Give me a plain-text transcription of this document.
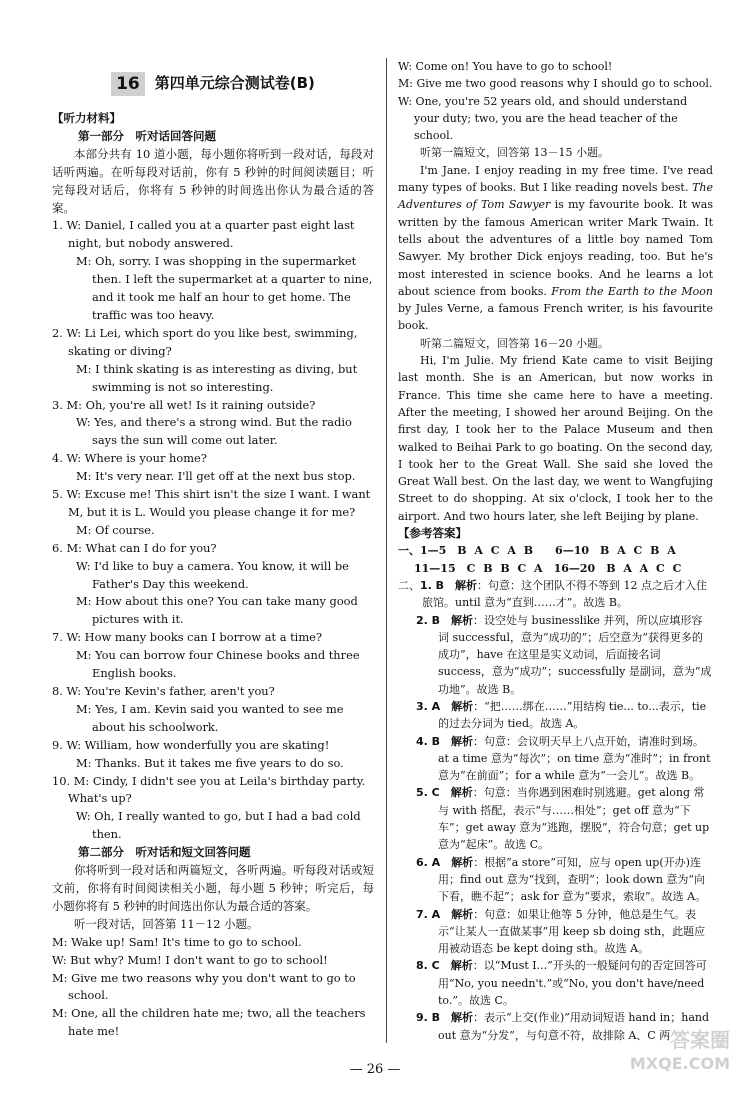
16	第四单元综合测试卷(B)
【听力材料】
第一部分　听对话回答问题
本部分共有 10 道小题，每小题你将听到一段对话，每段对话听两遍。在听每段对话前，你有 5 秒钟的时间阅读题目；听完每段对话后，你将有 5 秒钟的时间选出你认为最合适的答案。
1. W: Daniel, I called you at a quarter past eight last night, but nobody answered.
M: Oh, sorry. I was shopping in the supermarket then. I left the supermarket at a quarter to nine, and it took me half an hour to get home. The traffic was too heavy.
2. W: Li Lei, which sport do you like best, swimming, skating or diving?
M: I think skating is as interesting as diving, but swimming is not so interesting.
3. M: Oh, you're all wet! Is it raining outside?
W: Yes, and there's a strong wind. But the radio says the sun will come out later.
4. W: Where is your home?
M: It's very near. I'll get off at the next bus stop.
5. W: Excuse me! This shirt isn't the size I want. I want M, but it is L. Would you please change it for me?
M: Of course.
6. M: What can I do for you?
W: I'd like to buy a camera. You know, it will be Father's Day this weekend.
M: How about this one? You can take many good pictures with it.
7. W: How many books can I borrow at a time?
M: You can borrow four Chinese books and three English books.
8. W: You're Kevin's father, aren't you?
M: Yes, I am. Kevin said you wanted to see me about his schoolwork.
9. W: William, how wonderfully you are skating!
M: Thanks. But it takes me five years to do so.
10. M: Cindy, I didn't see you at Leila's birthday party. What's up?
W: Oh, I really wanted to go, but I had a bad cold then.
第二部分　听对话和短文回答问题
你将听到一段对话和两篇短文，各听两遍。听每段对话或短文前，你将有时间阅读相关小题，每小题 5 秒钟；听完后，每小题你将有 5 秒钟的时间选出你认为最合适的答案。
听一段对话，回答第 11－12 小题。
M: Wake up! Sam! It's time to go to school.
W: But why? Mum! I don't want to go to school!
M: Give me two reasons why you don't want to go to school.
M: One, all the children hate me; two, all the teachers hate me!
W: Come on! You have to go to school!
M: Give me two good reasons why I should go to school.
W: One, you're 52 years old, and should understand your duty; two, you are the head teacher of the school.
听第一篇短文，回答第 13－15 小题。
I'm Jane. I enjoy reading in my free time. I've read many types of books. But I like reading novels best. The Adventures of Tom Sawyer is my favourite book. It was written by the famous American writer Mark Twain. It tells about the adventures of a little boy named Tom Sawyer. My brother Dick enjoys reading, too. But he's most interested in science books. And he learns a lot about science from books. From the Earth to the Moon by Jules Verne, a famous French writer, is his favourite book.
听第二篇短文，回答第 16－20 小题。
Hi, I'm Julie. My friend Kate came to visit Beijing last month. She is an American, but now works in France. This time she came here to have a meeting. After the meeting, I showed her around Beijing. On the first day, I took her to the Palace Museum and then walked to Beihai Park to go boating. On the second day, I took her to the Great Wall. She said she loved the Great Wall best. On the last day, we went to Wangfujing Street to do shopping. At six o'clock, I took her to the airport. And two hours later, she left Beijing by plane.
【参考答案】
一、1—5　B A C A B　　6—10　B A C B A
11—15　C B B C A　16—20　B A A C C
二、1. B　 解析：句意：这个团队不得不等到 12 点之后才入住旅馆。until 意为“直到……才”。故选 B。
2. B　 解析：设空处与 businesslike 并列，所以应填形容词 successful，意为“成功的”；后空意为“获得更多的成功”，have 在这里是实义动词，后面接名词 success，意为“成功”；successfully 是副词，意为“成功地”。故选 B。
3. A　 解析：“把……绑在……”用结构 tie... to...表示，tie 的过去分词为 tied。故选 A。
4. B　 解析：句意：会议明天早上八点开始，请准时到场。at a time 意为“每次”；on time 意为“准时”；in front 意为“在前面”；for a while 意为“一会儿”。故选 B。
5. C　 解析：句意：当你遇到困难时别逃避。get along 常与 with 搭配，表示“与……相处”；get off 意为“下车”；get away 意为“逃跑，摆脱”，符合句意；get up 意为“起床”。故选 C。
6. A　 解析：根据“a store”可知，应与 open up(开办)连用；find out 意为“找到，查明”；look down 意为“向下看，瞧不起”；ask for 意为“要求，索取”。故选 A。
7. A　 解析：句意：如果让他等 5 分钟，他总是生气。表示“让某人一直做某事”用 keep sb doing sth，此题应用被动语态 be kept doing sth。故选 A。
8. C　 解析：以“Must I...”开头的一般疑问句的否定回答可用“No, you needn't.”或“No, you don't have/need to.”。故选 C。
9. B　 解析：表示“上交(作业)”用动词短语 hand in；hand out 意为“分发”，与句意不符，故排除 A、C 两
— 26 —
答案圈
MXQE.COM
